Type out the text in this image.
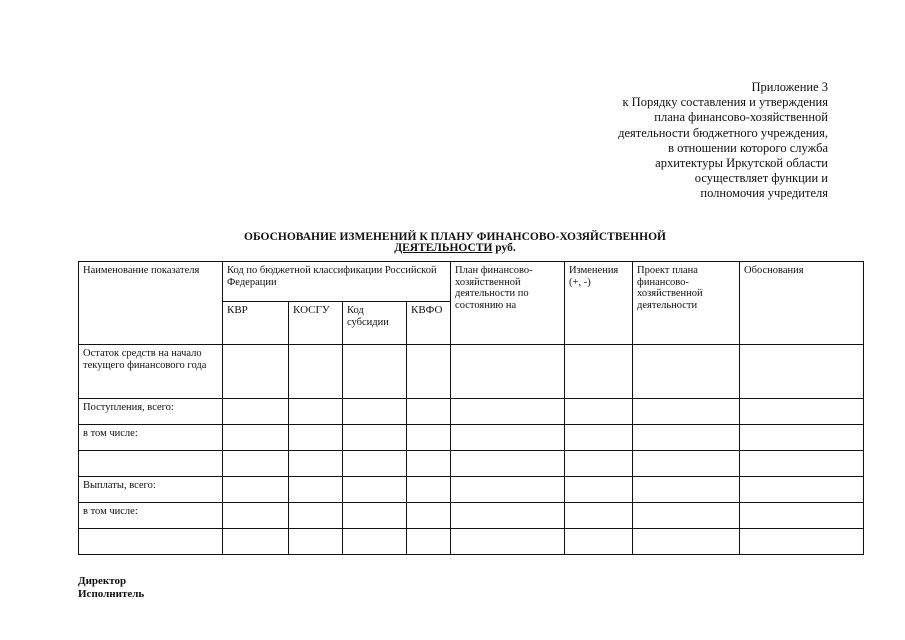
Приложение 3
к Порядку составления и утверждения
плана финансово-хозяйственной
деятельности бюджетного учреждения,
в отношении которого служба
архитектуры Иркутской области
осуществляет функции и
полномочия учредителя
ОБОСНОВАНИЕ ИЗМЕНЕНИЙ К ПЛАНУ ФИНАНСОВО-ХОЗЯЙСТВЕННОЙ
ДЕЯТЕЛЬНОСТИ руб.
Наименование показателя	Код по бюджетной классификации Российской Федерации				План финансово-хозяйственной деятельности по состоянию на	Изменения (+, -)	Проект плана финансово-хозяйственной деятельности	Обоснования
	КВР	КОСГУ	Код субсидии	КВФО				
Остаток средств на начало текущего финансового года								
Поступления, всего:								
в том числе:								

Выплаты, всего:								
в том числе:								

Директор
Исполнитель
